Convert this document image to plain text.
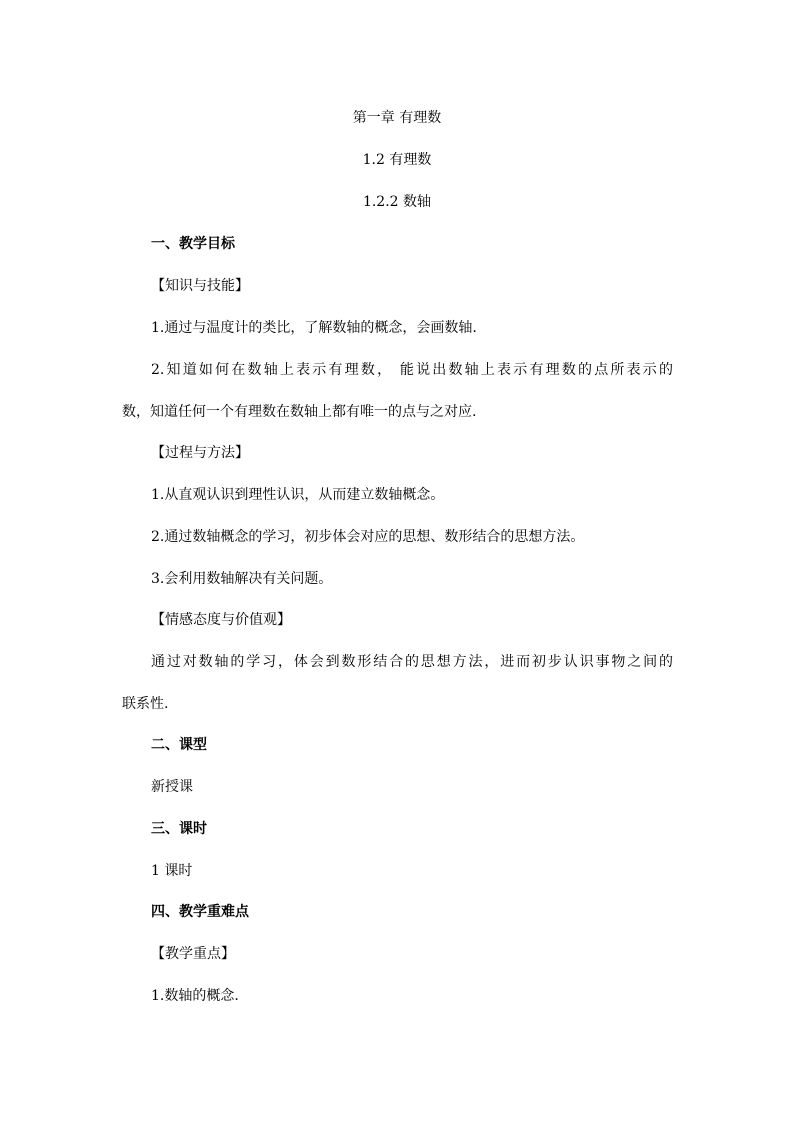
第一章 有理数
1.2 有理数
1.2.2 数轴
一、教学目标
【知识与技能】
1.通过与温度计的类比，了解数轴的概念，会画数轴.
2.知道如何在数轴上表示有理数， 能说出数轴上表示有理数的点所表示的
数，知道任何一个有理数在数轴上都有唯一的点与之对应.
【过程与方法】
1.从直观认识到理性认识，从而建立数轴概念。
2.通过数轴概念的学习，初步体会对应的思想、数形结合的思想方法。
3.会利用数轴解决有关问题。
【情感态度与价值观】
通过对数轴的学习，体会到数形结合的思想方法，进而初步认识事物之间的
联系性.
二、课型
新授课
三、课时
1 课时
四、教学重难点
【教学重点】
1.数轴的概念.
